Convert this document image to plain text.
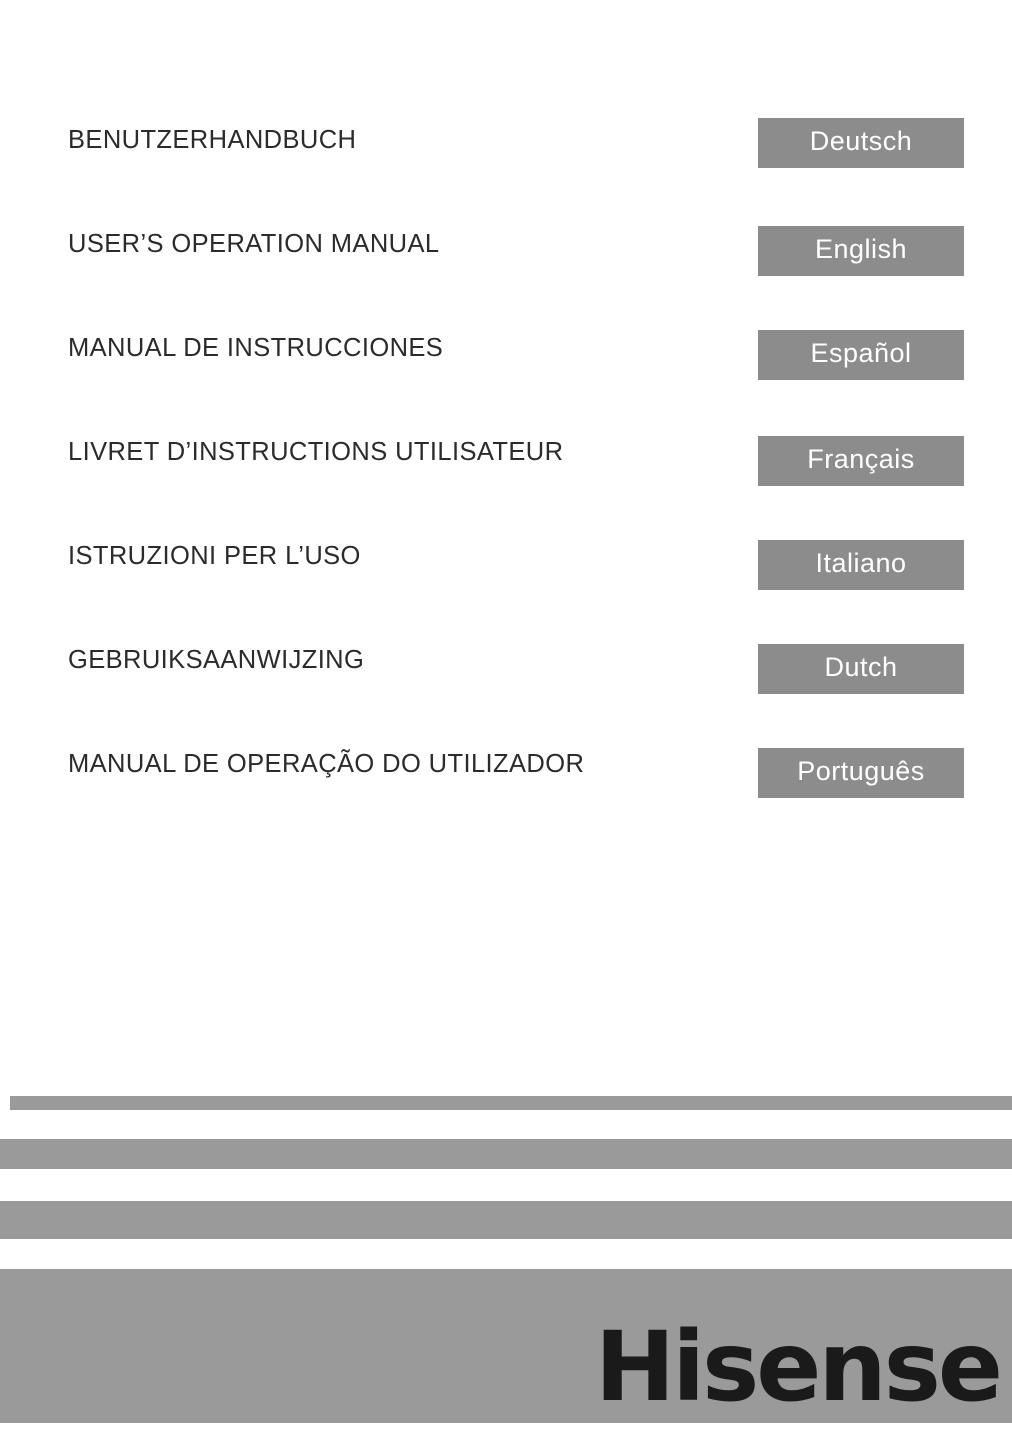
BENUTZERHANDBUCH	Deutsch
USER’S OPERATION MANUAL	English
MANUAL DE INSTRUCCIONES	Español
LIVRET D’INSTRUCTIONS UTILISATEUR	Français
ISTRUZIONI PER L’USO	Italiano
GEBRUIKSAANWIJZING	Dutch
MANUAL DE OPERAÇÃO DO UTILIZADOR	Português
Hisense
